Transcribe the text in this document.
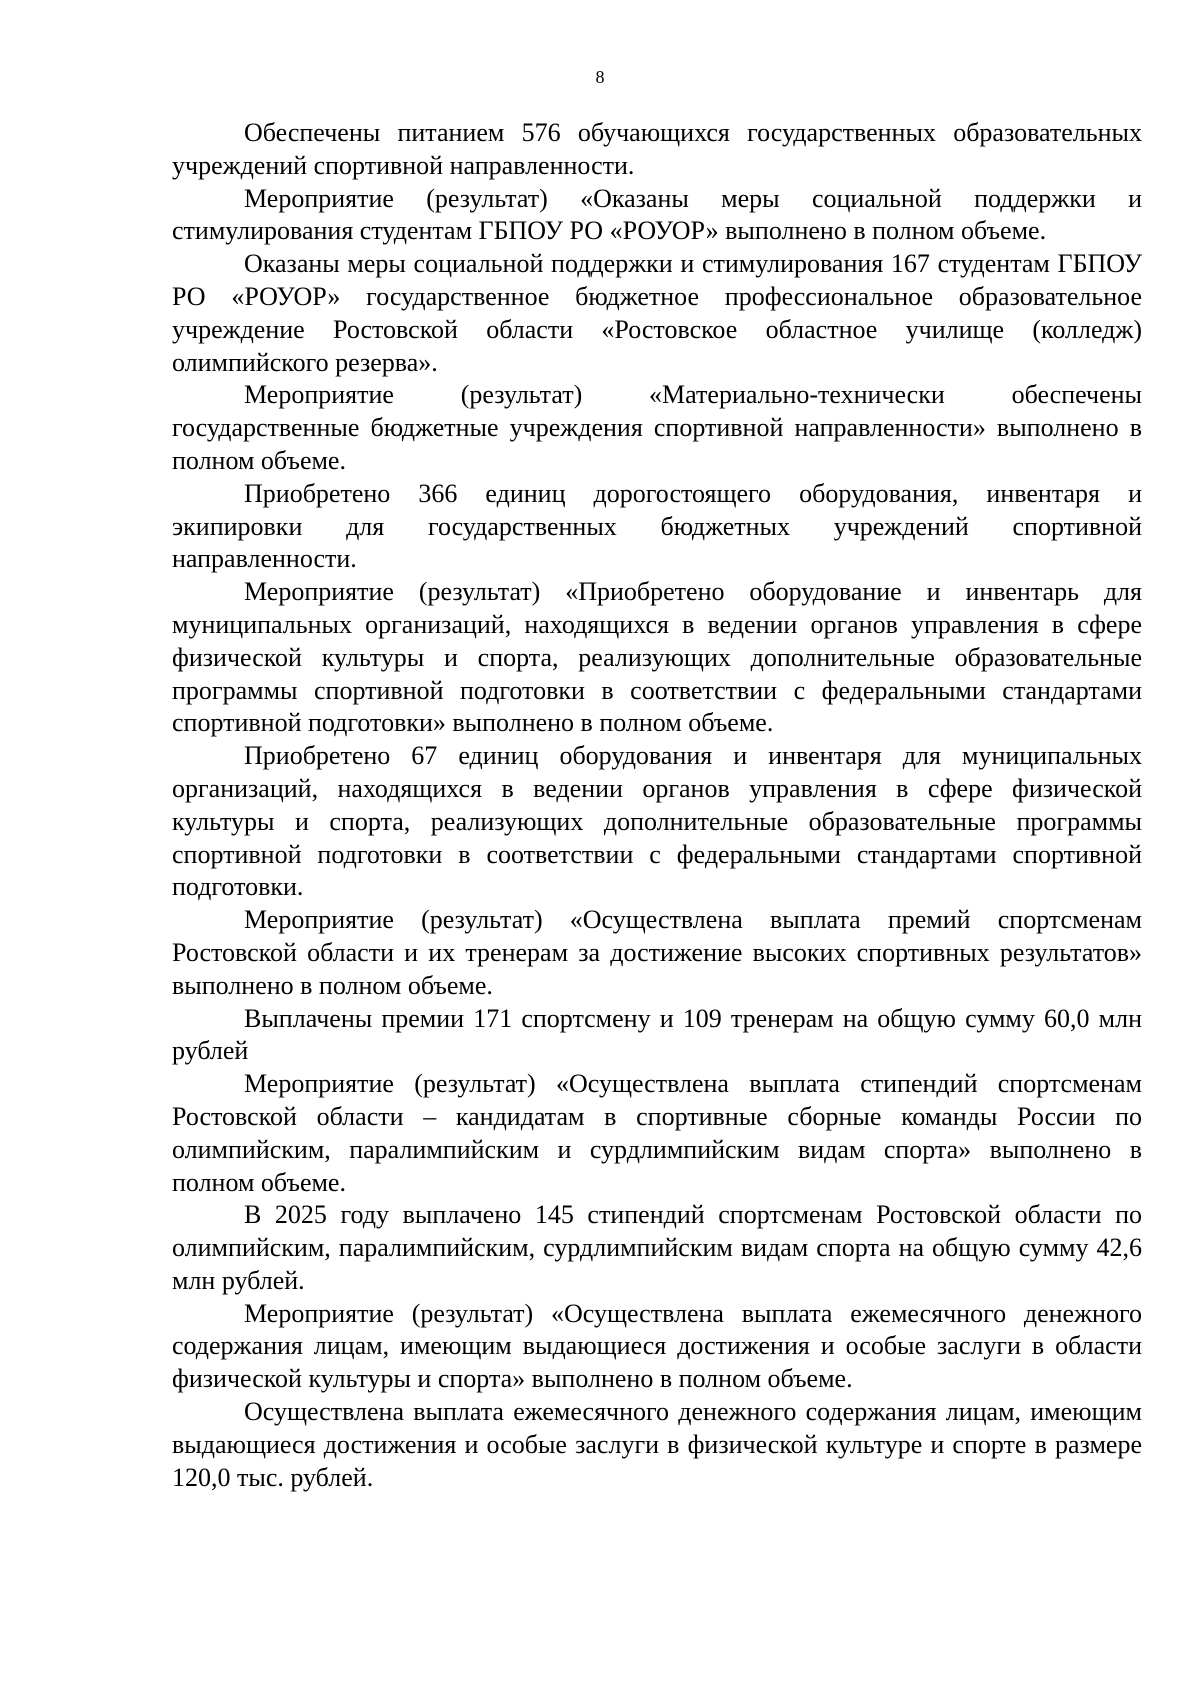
8

Обеспечены питанием 576 обучающихся государственных образовательных учреждений спортивной направленности.

Мероприятие (результат) «Оказаны меры социальной поддержки и стимулирования студентам ГБПОУ РО «РОУОР» выполнено в полном объеме.

Оказаны меры социальной поддержки и стимулирования 167 студентам ГБПОУ РО «РОУОР» государственное бюджетное профессиональное образовательное учреждение Ростовской области «Ростовское областное училище (колледж) олимпийского резерва».

Мероприятие (результат) «Материально-технически обеспечены государственные бюджетные учреждения спортивной направленности» выполнено в полном объеме.

Приобретено 366 единиц дорогостоящего оборудования, инвентаря и экипировки для государственных бюджетных учреждений спортивной направленности.

Мероприятие (результат) «Приобретено оборудование и инвентарь для муниципальных организаций, находящихся в ведении органов управления в сфере физической культуры и спорта, реализующих дополнительные образовательные программы спортивной подготовки в соответствии с федеральными стандартами спортивной подготовки» выполнено в полном объеме.

Приобретено 67 единиц оборудования и инвентаря для муниципальных организаций, находящихся в ведении органов управления в сфере физической культуры и спорта, реализующих дополнительные образовательные программы спортивной подготовки в соответствии с федеральными стандартами спортивной подготовки.

Мероприятие (результат) «Осуществлена выплата премий спортсменам Ростовской области и их тренерам за достижение высоких спортивных результатов» выполнено в полном объеме.

Выплачены премии 171 спортсмену и 109 тренерам на общую сумму 60,0 млн рублей

Мероприятие (результат) «Осуществлена выплата стипендий спортсменам Ростовской области – кандидатам в спортивные сборные команды России по олимпийским, паралимпийским и сурдлимпийским видам спорта» выполнено в полном объеме.

В 2025 году выплачено 145 стипендий спортсменам Ростовской области по олимпийским, паралимпийским, сурдлимпийским видам спорта на общую сумму 42,6 млн рублей.

Мероприятие (результат) «Осуществлена выплата ежемесячного денежного содержания лицам, имеющим выдающиеся достижения и особые заслуги в области физической культуры и спорта» выполнено в полном объеме.

Осуществлена выплата ежемесячного денежного содержания лицам, имеющим выдающиеся достижения и особые заслуги в физической культуре и спорте в размере 120,0 тыс. рублей.
